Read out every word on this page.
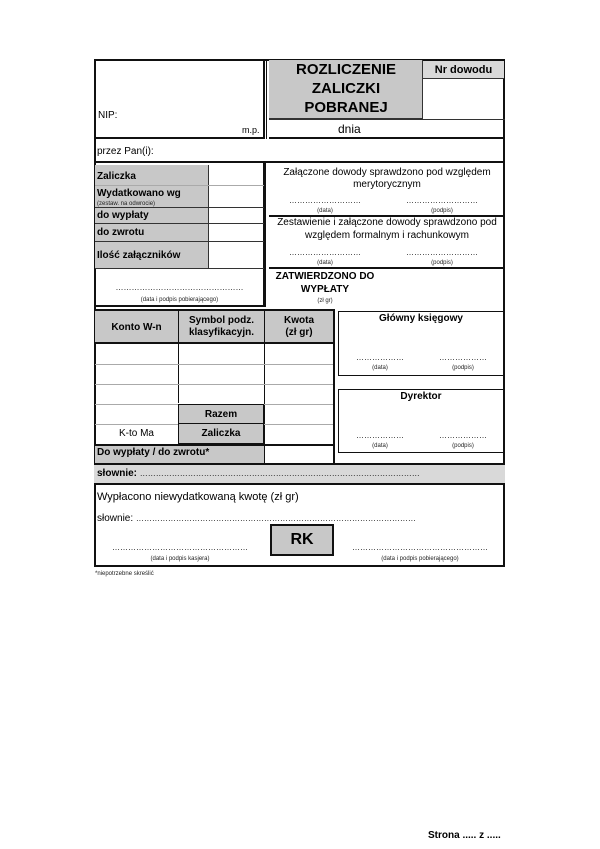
NIP:
m.p.
ROZLICZENIE
ZALICZKI
POBRANEJ
Nr dowodu
dnia
przez Pan(i):
Zaliczka
Wydatkowano wg
(zestaw. na odwrocie)
do wypłaty
do zwrotu
Ilość załączników
…………………………………………
(data i podpis pobierającego)
Załączone dowody sprawdzono pod względem
merytorycznym
………………………
(data)
………………………
(podpis)
Zestawienie i załączone dowody sprawdzono pod
względem formalnym i rachunkowym
………………………
(data)
………………………
(podpis)
ZATWIERDZONO DO
WYPŁATY
(zł gr)
Konto W-n
Symbol podz.
klasyfikacyjn.
Kwota
(zł gr)
Razem
Zaliczka
K-to Ma
Do wypłaty / do zwrotu*
Główny księgowy
………………
(data)
………………
(podpis)
Dyrektor
………………
(data)
………………
(podpis)
słownie: ……………………………………………………………………………………………
Wypłacono niewydatkowaną kwotę (zł gr)
słownie: ……………………………………………………………………………………………
RK
……………………………………………
(data i podpis kasjera)
……………………………………………
(data i podpis pobierającego)
*niepotrzebne skreślić
Strona ..... z .....
